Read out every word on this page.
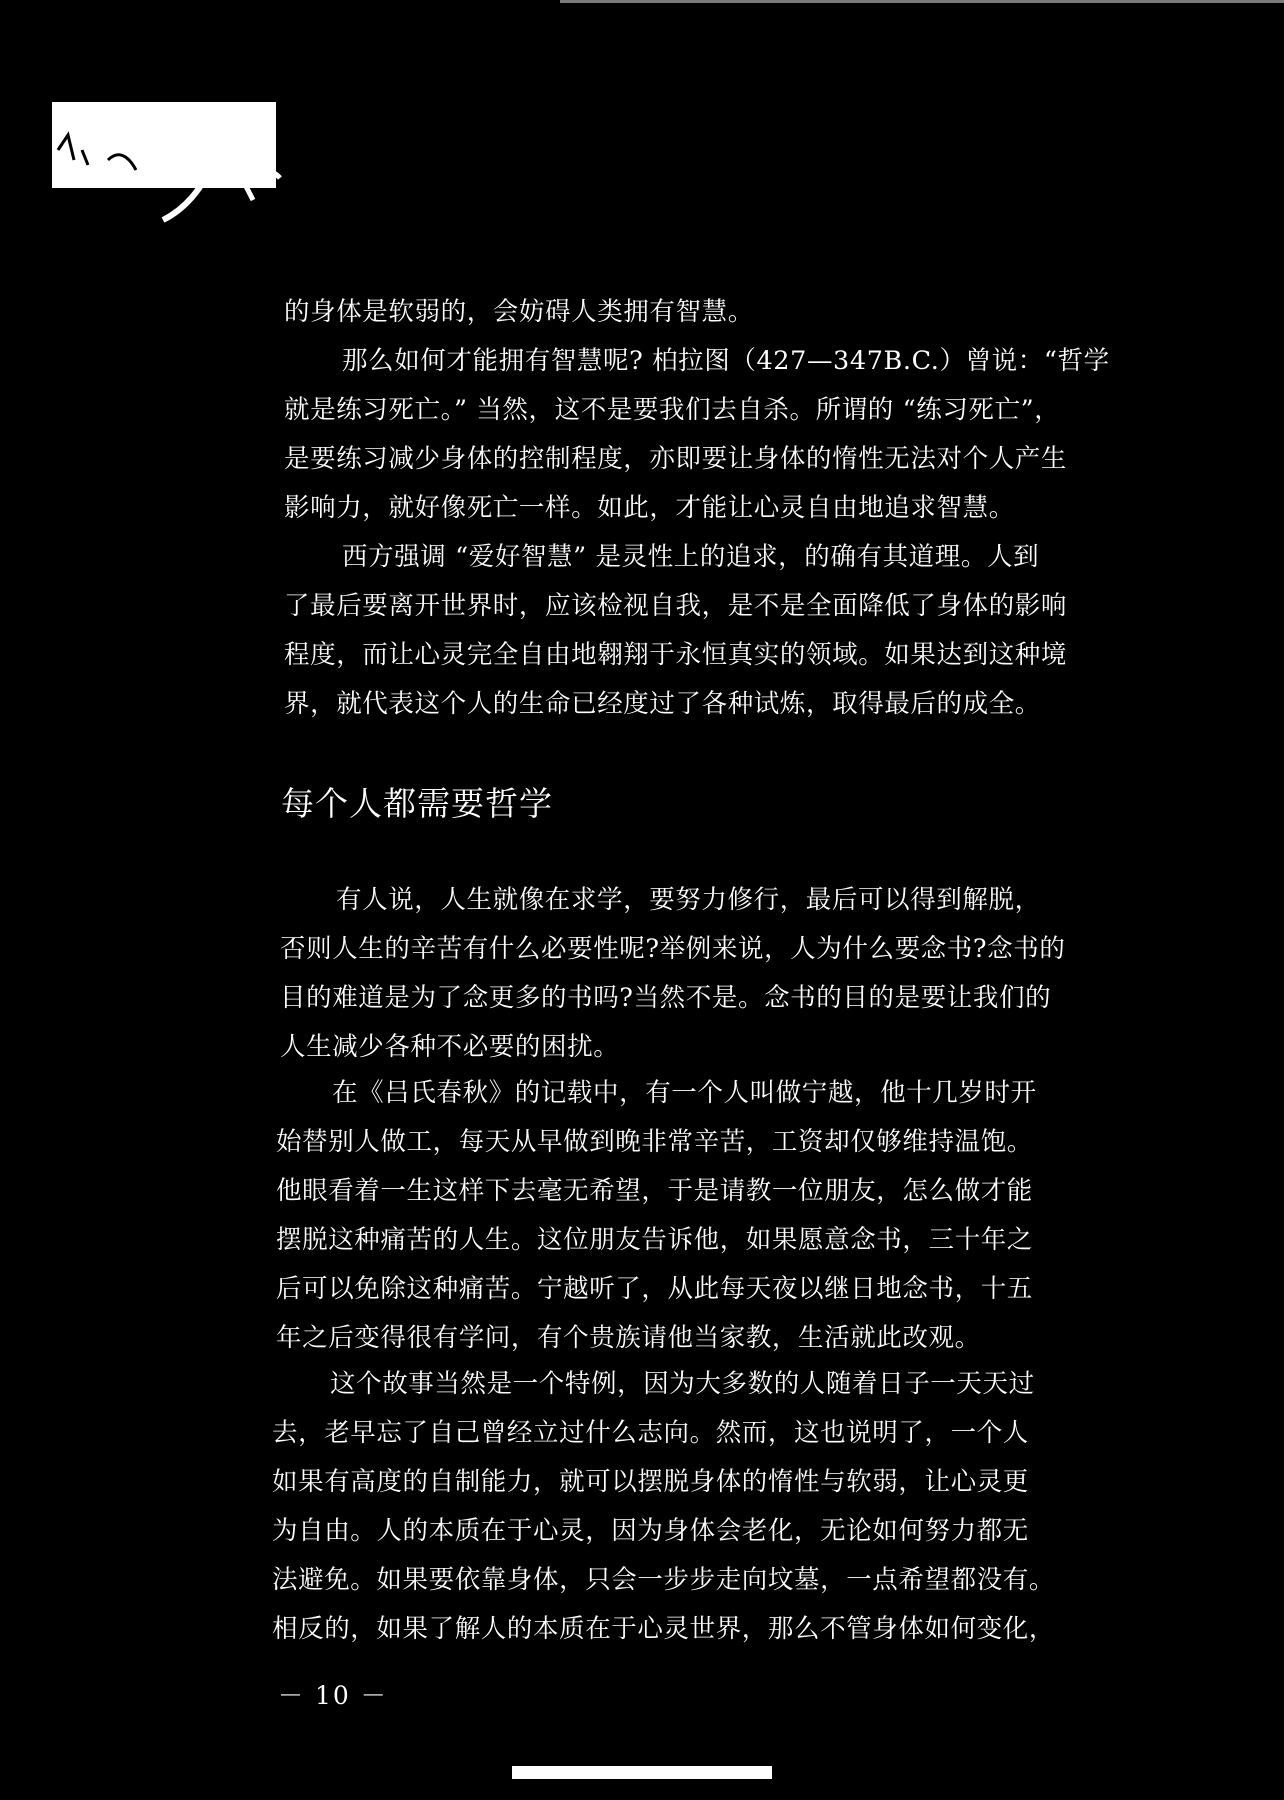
的身体是软弱的，会妨碍人类拥有智慧。
那么如何才能拥有智慧呢? 柏拉图（427—347B.C.）曾说：“哲学
就是练习死亡。” 当然，这不是要我们去自杀。所谓的 “练习死亡”，
是要练习减少身体的控制程度，亦即要让身体的惰性无法对个人产生
影响力，就好像死亡一样。如此，才能让心灵自由地追求智慧。
西方强调 “爱好智慧” 是灵性上的追求，的确有其道理。人到
了最后要离开世界时，应该检视自我，是不是全面降低了身体的影响
程度，而让心灵完全自由地翱翔于永恒真实的领域。如果达到这种境
界，就代表这个人的生命已经度过了各种试炼，取得最后的成全。
每个人都需要哲学
有人说，人生就像在求学，要努力修行，最后可以得到解脱，
否则人生的辛苦有什么必要性呢?举例来说，人为什么要念书?念书的
目的难道是为了念更多的书吗?当然不是。念书的目的是要让我们的
人生减少各种不必要的困扰。
在《吕氏春秋》的记载中，有一个人叫做宁越，他十几岁时开
始替别人做工，每天从早做到晚非常辛苦，工资却仅够维持温饱。
他眼看着一生这样下去毫无希望，于是请教一位朋友，怎么做才能
摆脱这种痛苦的人生。这位朋友告诉他，如果愿意念书，三十年之
后可以免除这种痛苦。宁越听了，从此每天夜以继日地念书，十五
年之后变得很有学问，有个贵族请他当家教，生活就此改观。
这个故事当然是一个特例，因为大多数的人随着日子一天天过
去，老早忘了自己曾经立过什么志向。然而，这也说明了，一个人
如果有高度的自制能力，就可以摆脱身体的惰性与软弱，让心灵更
为自由。人的本质在于心灵，因为身体会老化，无论如何努力都无
法避免。如果要依靠身体，只会一步步走向坟墓，一点希望都没有。
相反的，如果了解人的本质在于心灵世界，那么不管身体如何变化，
－ 10 －
